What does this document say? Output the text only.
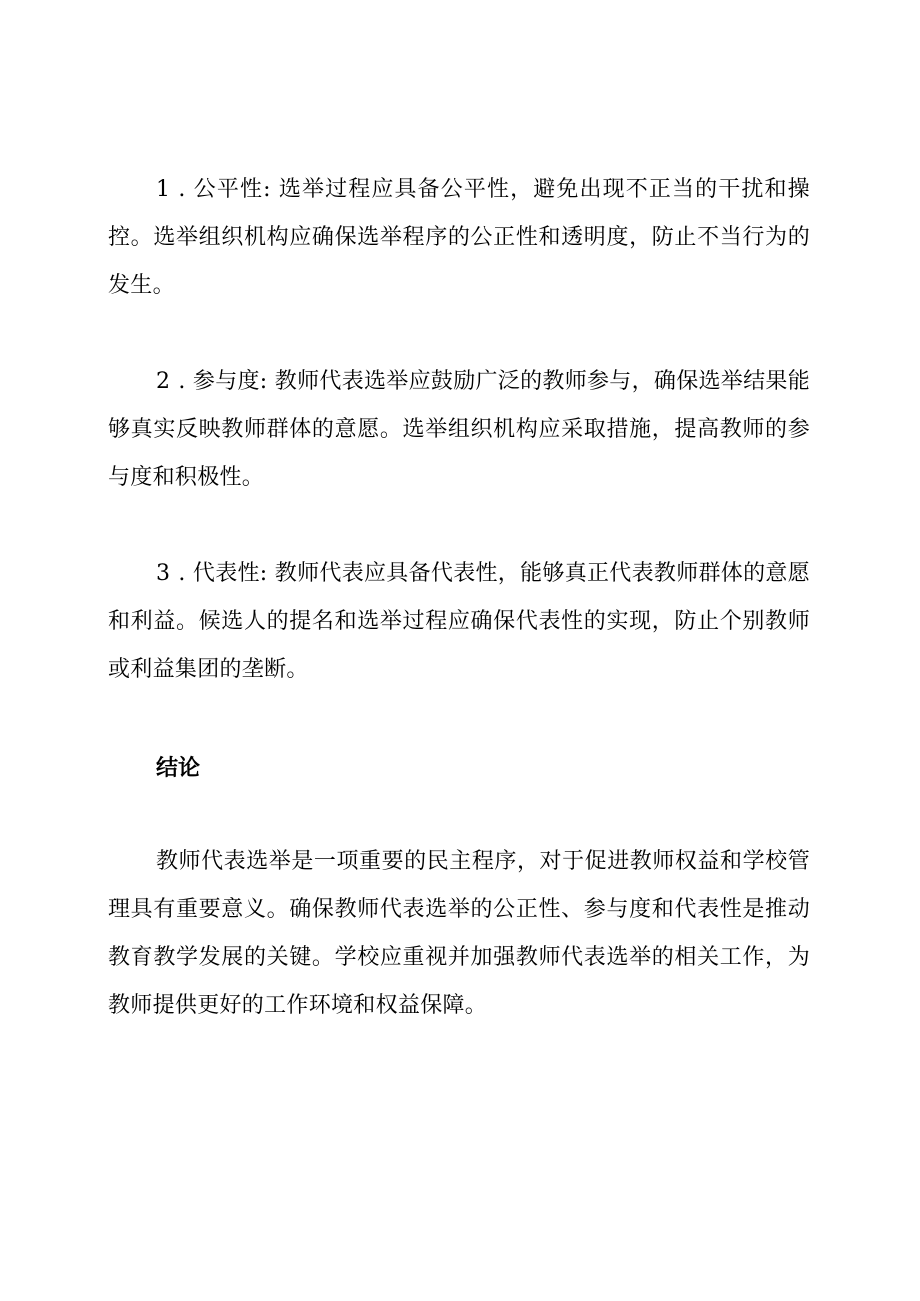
1 . 公平性: 选举过程应具备公平性，避免出现不正当的干扰和操控。选举组织机构应确保选举程序的公正性和透明度，防止不当行为的发生。

2 . 参与度: 教师代表选举应鼓励广泛的教师参与，确保选举结果能够真实反映教师群体的意愿。选举组织机构应采取措施，提高教师的参与度和积极性。

3 . 代表性: 教师代表应具备代表性，能够真正代表教师群体的意愿和利益。候选人的提名和选举过程应确保代表性的实现，防止个别教师或利益集团的垄断。

结论

教师代表选举是一项重要的民主程序，对于促进教师权益和学校管理具有重要意义。确保教师代表选举的公正性、参与度和代表性是推动教育教学发展的关键。学校应重视并加强教师代表选举的相关工作，为教师提供更好的工作环境和权益保障。
